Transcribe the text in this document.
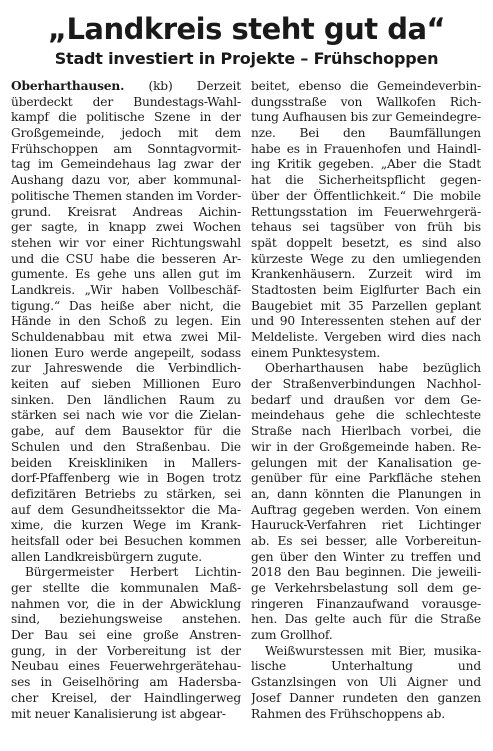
„Landkreis steht gut da“
Stadt investiert in Projekte – Frühschoppen
Oberharthausen. (kb) Derzeit
überdeckt der Bundestags-Wahl-
kampf die politische Szene in der
Großgemeinde, jedoch mit dem
Frühschoppen am Sonntagvormit-
tag im Gemeindehaus lag zwar der
Aushang dazu vor, aber kommunal-
politische Themen standen im Vorder-
grund. Kreisrat Andreas Aichin-
ger sagte, in knapp zwei Wochen
stehen wir vor einer Richtungswahl
und die CSU habe die besseren Ar-
gumente. Es gehe uns allen gut im
Landkreis. „Wir haben Vollbeschäf-
tigung.“ Das heiße aber nicht, die
Hände in den Schoß zu legen. Ein
Schuldenabbau mit etwa zwei Mil-
lionen Euro werde angepeilt, sodass
zur Jahreswende die Verbindlich-
keiten auf sieben Millionen Euro
sinken. Den ländlichen Raum zu
stärken sei nach wie vor die Zielan-
gabe, auf dem Bausektor für die
Schulen und den Straßenbau. Die
beiden Kreiskliniken in Mallers-
dorf-Pfaffenberg wie in Bogen trotz
defizitären Betriebs zu stärken, sei
auf dem Gesundheitssektor die Ma-
xime, die kurzen Wege im Krank-
heitsfall oder bei Besuchen kommen
allen Landkreisbürgern zugute.
Bürgermeister Herbert Lichtin-
ger stellte die kommunalen Maß-
nahmen vor, die in der Abwicklung
sind, beziehungsweise anstehen.
Der Bau sei eine große Anstren-
gung, in der Vorbereitung ist der
Neubau eines Feuerwehrgerätehau-
ses in Geiselhöring am Hadersba-
cher Kreisel, der Haindlingerweg
mit neuer Kanalisierung ist abgear-
beitet, ebenso die Gemeindeverbin-
dungsstraße von Wallkofen Rich-
tung Aufhausen bis zur Gemeindegre-
nze. Bei den Baumfällungen
habe es in Frauenhofen und Haindl-
ing Kritik gegeben. „Aber die Stadt
hat die Sicherheitspflicht gegen-
über der Öffentlichkeit.“ Die mobile
Rettungsstation im Feuerwehrgerä-
tehaus sei tagsüber von früh bis
spät doppelt besetzt, es sind also
kürzeste Wege zu den umliegenden
Krankenhäusern. Zurzeit wird im
Stadtosten beim Eiglfurter Bach ein
Baugebiet mit 35 Parzellen geplant
und 90 Interessenten stehen auf der
Meldeliste. Vergeben wird dies nach
einem Punktesystem.
Oberharthausen habe bezüglich
der Straßenverbindungen Nachhol-
bedarf und draußen vor dem Ge-
meindehaus gehe die schlechteste
Straße nach Hierlbach vorbei, die
wir in der Großgemeinde haben. Re-
gelungen mit der Kanalisation ge-
genüber für eine Parkfläche stehen
an, dann könnten die Planungen in
Auftrag gegeben werden. Von einem
Hauruck-Verfahren riet Lichtinger
ab. Es sei besser, alle Vorbereitun-
gen über den Winter zu treffen und
2018 den Bau beginnen. Die jeweili-
ge Verkehrsbelastung soll dem ge-
ringeren Finanzaufwand vorausge-
hen. Das gelte auch für die Straße
zum Grollhof.
Weißwurstessen mit Bier, musika-
lische Unterhaltung und
Gstanzlsingen von Uli Aigner und
Josef Danner rundeten den ganzen
Rahmen des Frühschoppens ab.
